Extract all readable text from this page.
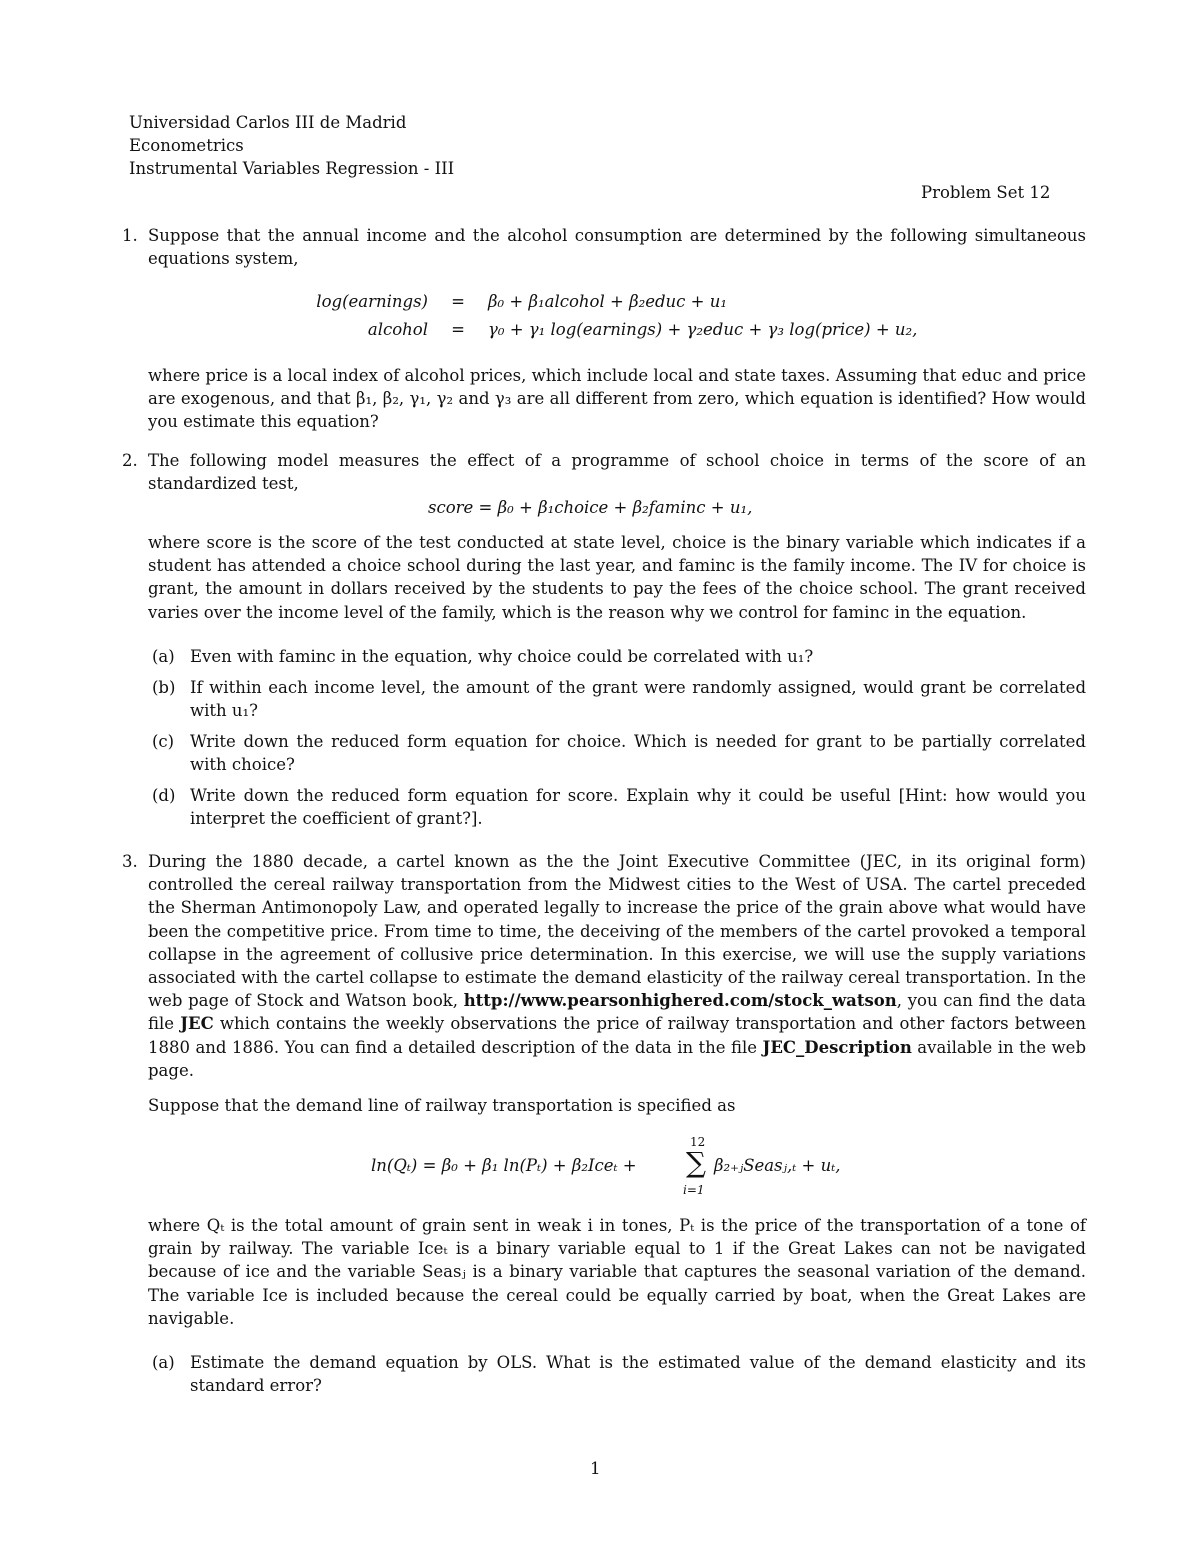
Universidad Carlos III de Madrid
Econometrics
Instrumental Variables Regression - III
Problem Set 12
1. Suppose that the annual income and the alcohol consumption are determined by the following simultaneous equations system,
log(earnings)	=	β₀ + β₁alcohol + β₂educ + u₁
alcohol	=	γ₀ + γ₁ log(earnings) + γ₂educ + γ₃ log(price) + u₂,
where price is a local index of alcohol prices, which include local and state taxes. Assuming that educ and price are exogenous, and that β₁, β₂, γ₁, γ₂ and γ₃ are all different from zero, which equation is identified? How would you estimate this equation?
2. The following model measures the effect of a programme of school choice in terms of the score of an standardized test,
score = β₀ + β₁choice + β₂faminc + u₁,
where score is the score of the test conducted at state level, choice is the binary variable which indicates if a student has attended a choice school during the last year, and faminc is the family income. The IV for choice is grant, the amount in dollars received by the students to pay the fees of the choice school. The grant received varies over the income level of the family, which is the reason why we control for faminc in the equation.
(a) Even with faminc in the equation, why choice could be correlated with u₁?
(b) If within each income level, the amount of the grant were randomly assigned, would grant be correlated with u₁?
(c) Write down the reduced form equation for choice. Which is needed for grant to be partially correlated with choice?
(d) Write down the reduced form equation for score. Explain why it could be useful [Hint: how would you interpret the coefficient of grant?].
3. During the 1880 decade, a cartel known as the the Joint Executive Committee (JEC, in its original form) controlled the cereal railway transportation from the Midwest cities to the West of USA. The cartel preceded the Sherman Antimonopoly Law, and operated legally to increase the price of the grain above what would have been the competitive price. From time to time, the deceiving of the members of the cartel provoked a temporal collapse in the agreement of collusive price determination. In this exercise, we will use the supply variations associated with the cartel collapse to estimate the demand elasticity of the railway cereal transportation. In the web page of Stock and Watson book, http://www.pearsonhighered.com/stock_watson, you can find the data file JEC which contains the weekly observations the price of railway transportation and other factors between 1880 and 1886. You can find a detailed description of the data in the file JEC_Description available in the web page.
Suppose that the demand line of railway transportation is specified as
ln(Qₜ) = β₀ + β₁ ln(Pₜ) + β₂Iceₜ +
12
∑
i=1
β₂₊ⱼSeasⱼ,ₜ + uₜ,
where Qₜ is the total amount of grain sent in weak i in tones, Pₜ is the price of the transportation of a tone of grain by railway. The variable Iceₜ is a binary variable equal to 1 if the Great Lakes can not be navigated because of ice and the variable Seasⱼ is a binary variable that captures the seasonal variation of the demand. The variable Ice is included because the cereal could be equally carried by boat, when the Great Lakes are navigable.
(a) Estimate the demand equation by OLS. What is the estimated value of the demand elasticity and its standard error?
1
